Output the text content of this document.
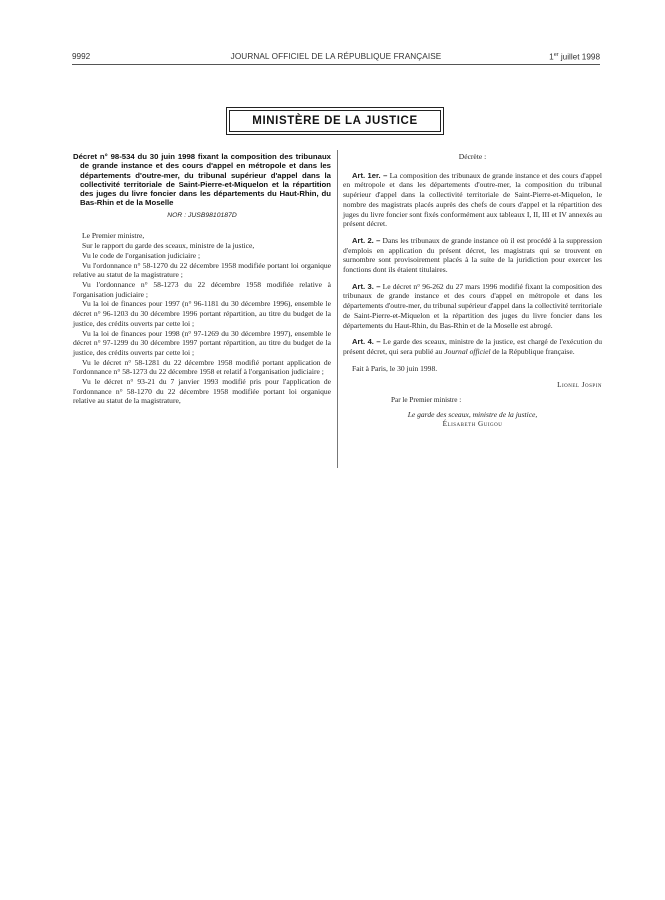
9992	JOURNAL OFFICIEL DE LA RÉPUBLIQUE FRANÇAISE	1er juillet 1998
MINISTÈRE DE LA JUSTICE

Décret n° 98-534 du 30 juin 1998 fixant la composition des tribunaux de grande instance et des cours d'appel en métropole et dans les départements d'outre-mer, du tribunal supérieur d'appel dans la collectivité territoriale de Saint-Pierre-et-Miquelon et la répartition des juges du livre foncier dans les départements du Haut-Rhin, du Bas-Rhin et de la Moselle

NOR : JUSB9810187D

Le Premier ministre,

Sur le rapport du garde des sceaux, ministre de la justice,

Vu le code de l'organisation judiciaire ;

Vu l'ordonnance n° 58-1270 du 22 décembre 1958 modifiée portant loi organique relative au statut de la magistrature ;

Vu l'ordonnance n° 58-1273 du 22 décembre 1958 modifiée relative à l'organisation judiciaire ;

Vu la loi de finances pour 1997 (n° 96-1181 du 30 décembre 1996), ensemble le décret n° 96-1203 du 30 décembre 1996 portant répartition, au titre du budget de la justice, des crédits ouverts par cette loi ;

Vu la loi de finances pour 1998 (n° 97-1269 du 30 décembre 1997), ensemble le décret n° 97-1299 du 30 décembre 1997 portant répartition, au titre du budget de la justice, des crédits ouverts par cette loi ;

Vu le décret n° 58-1281 du 22 décembre 1958 modifié portant application de l'ordonnance n° 58-1273 du 22 décembre 1958 et relatif à l'organisation judiciaire ;

Vu le décret n° 93-21 du 7 janvier 1993 modifié pris pour l'application de l'ordonnance n° 58-1270 du 22 décembre 1958 modifiée portant loi organique relative au statut de la magistrature,

Décrète :

Art. 1er. – La composition des tribunaux de grande instance et des cours d'appel en métropole et dans les départements d'outre-mer, la composition du tribunal supérieur d'appel dans la collectivité territoriale de Saint-Pierre-et-Miquelon, le nombre des magistrats placés auprès des chefs de cours d'appel et la répartition des juges du livre foncier sont fixés conformément aux tableaux I, II, III et IV annexés au présent décret.

Art. 2. – Dans les tribunaux de grande instance où il est procédé à la suppression d'emplois en application du présent décret, les magistrats qui se trouvent en surnombre sont provisoirement placés à la suite de la juridiction pour exercer les fonctions dont ils étaient titulaires.

Art. 3. – Le décret n° 96-262 du 27 mars 1996 modifié fixant la composition des tribunaux de grande instance et des cours d'appel en métropole et dans les départements d'outre-mer, du tribunal supérieur d'appel dans la collectivité territoriale de Saint-Pierre-et-Miquelon et la répartition des juges du livre foncier dans les départements du Haut-Rhin, du Bas-Rhin et de la Moselle est abrogé.

Art. 4. – Le garde des sceaux, ministre de la justice, est chargé de l'exécution du présent décret, qui sera publié au Journal officiel de la République française.

Fait à Paris, le 30 juin 1998.

Lionel Jospin

Par le Premier ministre :

Le garde des sceaux, ministre de la justice,

Élisabeth Guigou
